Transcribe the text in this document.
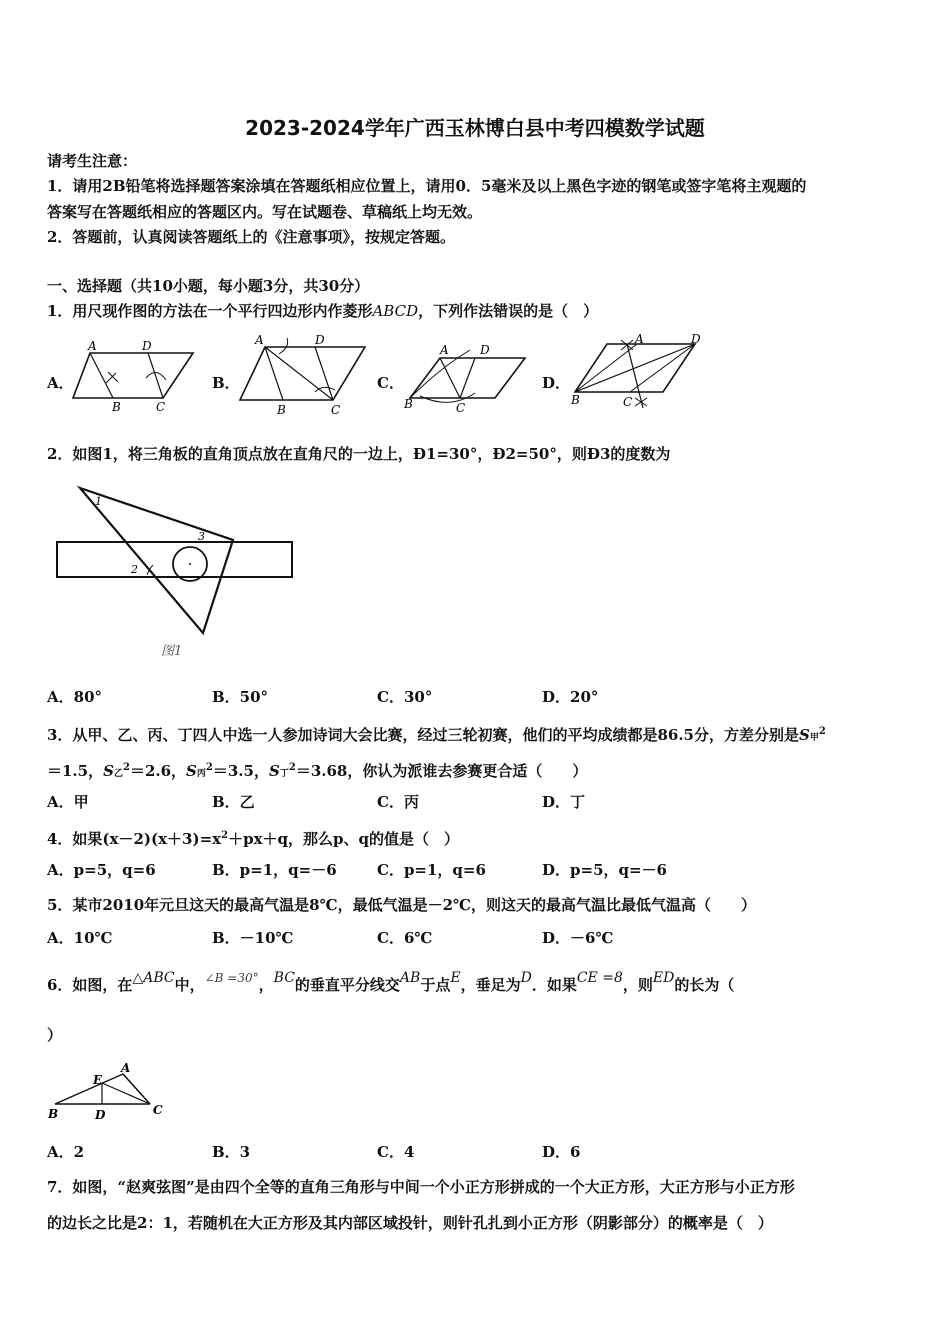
2023-2024学年广西玉林博白县中考四模数学试题
请考生注意：
1．请用2B铅笔将选择题答案涂填在答题纸相应位置上，请用0．5毫米及以上黑色字迹的钢笔或签字笔将主观题的
答案写在答题纸相应的答题区内。写在试题卷、草稿纸上均无效。
2．答题前，认真阅读答题纸上的《注意事项》，按规定答题。
一、选择题（共10小题，每小题3分，共30分）
1．用尺现作图的方法在一个平行四边形内作菱形ABCD，下列作法错误的是（　）
A．
A
B	C
D
B．
A
B	C
D
C．
A
B	C
D
D．
A
B	C
D
2．如图1，将三角板的直角顶点放在直角尺的一边上，Ð1=30°，Ð2=50°，则Ð3的度数为
1
2
3
图1
A．80°	B．50°	C．30°	D．20°
3．从甲、乙、丙、丁四人中选一人参加诗词大会比赛，经过三轮初赛，他们的平均成绩都是86.5分，方差分别是S甲$^2$
＝1.5，S乙$^2$＝2.6，S丙$^2$＝3.5，S丁$^2$＝3.68，你认为派谁去参赛更合适（　　）
A．甲	B．乙	C．丙	D．丁
4．如果$(x-2)(x+3)=x^2+px+q$，那么p、q的值是（　）
A．p=5，q=6	B．p=1，q=－6	C．p=1，q=6	D．p=5，q=－6
5．某市2010年元旦这天的最高气温是8℃，最低气温是－2℃，则这天的最高气温比最低气温高（　　）
A．10℃	B．－10℃	C．6℃	D．－6℃
6．如图，在△ABC中，$^{\angle B =30^\circ}$，BC的垂直平分线交AB于点E，垂足为D．如果CE =8，则ED的长为（
）
A
B	C
D
E
A．2	B．3	C．4	D．6
7．如图，“赵爽弦图”是由四个全等的直角三角形与中间一个小正方形拼成的一个大正方形，大正方形与小正方形
的边长之比是2：1，若随机在大正方形及其内部区域投针，则针孔扎到小正方形（阴影部分）的概率是（　）
